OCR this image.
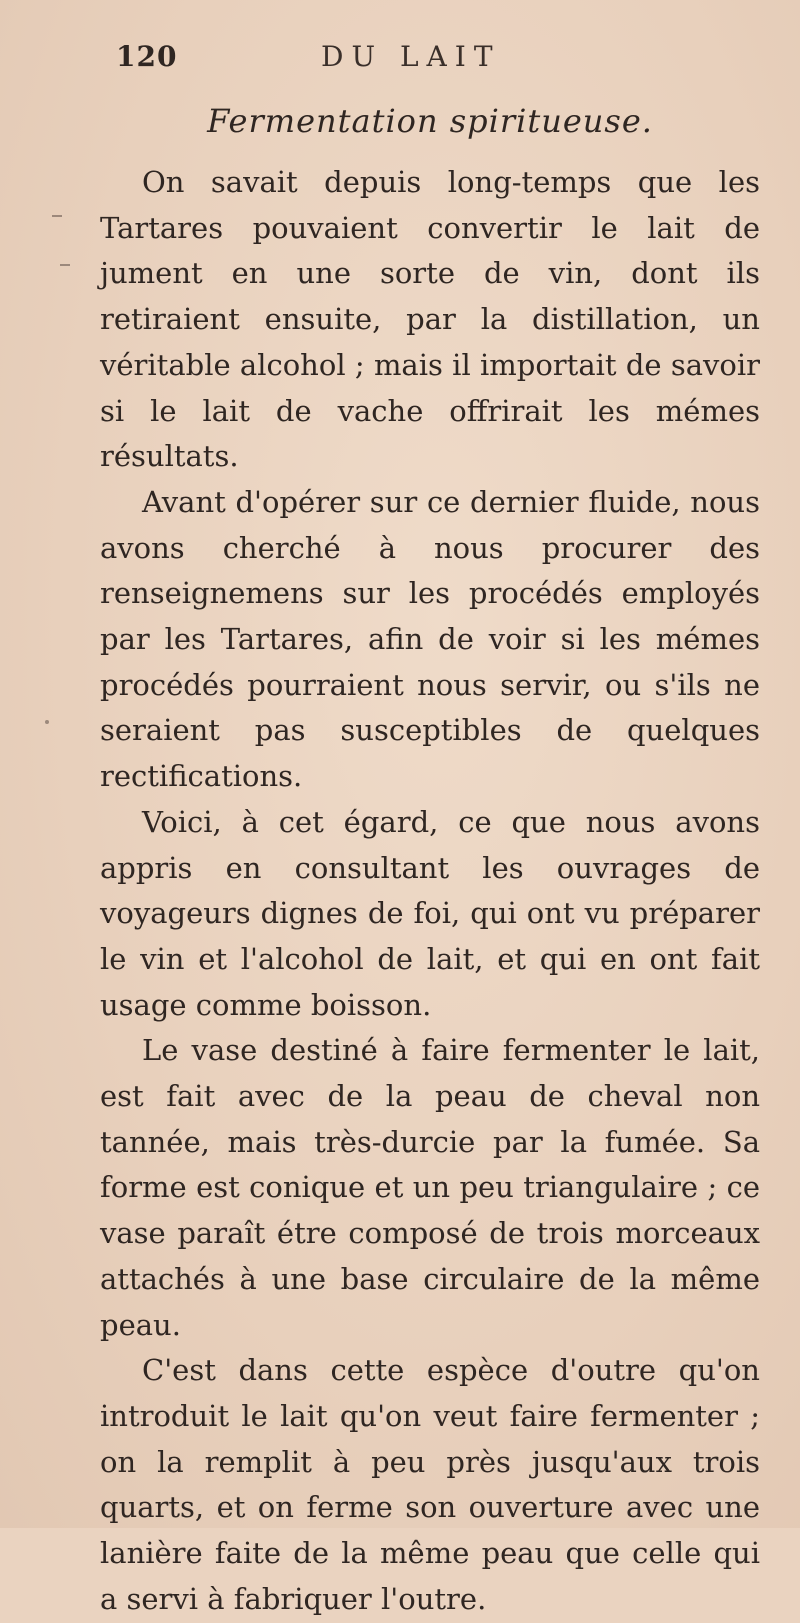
120	DU LAIT
Fermentation spiritueuse.

On savait depuis long-temps que les Tartares pouvaient convertir le lait de jument en une sorte de vin, dont ils retiraient ensuite, par la distillation, un véritable alcohol ; mais il importait de savoir si le lait de vache offrirait les mémes résultats.

Avant d'opérer sur ce dernier fluide, nous avons cherché à nous procurer des renseignemens sur les procédés employés par les Tartares, afin de voir si les mémes procédés pourraient nous servir, ou s'ils ne seraient pas susceptibles de quelques rectifications.

Voici, à cet égard, ce que nous avons appris en consultant les ouvrages de voyageurs dignes de foi, qui ont vu préparer le vin et l'alcohol de lait, et qui en ont fait usage comme boisson.

Le vase destiné à faire fermenter le lait, est fait avec de la peau de cheval non tannée, mais très-durcie par la fumée. Sa forme est conique et un peu triangulaire ; ce vase paraît étre composé de trois morceaux attachés à une base circulaire de la même peau.

C'est dans cette espèce d'outre qu'on introduit le lait qu'on veut faire fermenter ; on la remplit à peu près jusqu'aux trois quarts, et on ferme son ouverture avec une lanière faite de la même peau que celle qui a servi à fabriquer l'outre.
